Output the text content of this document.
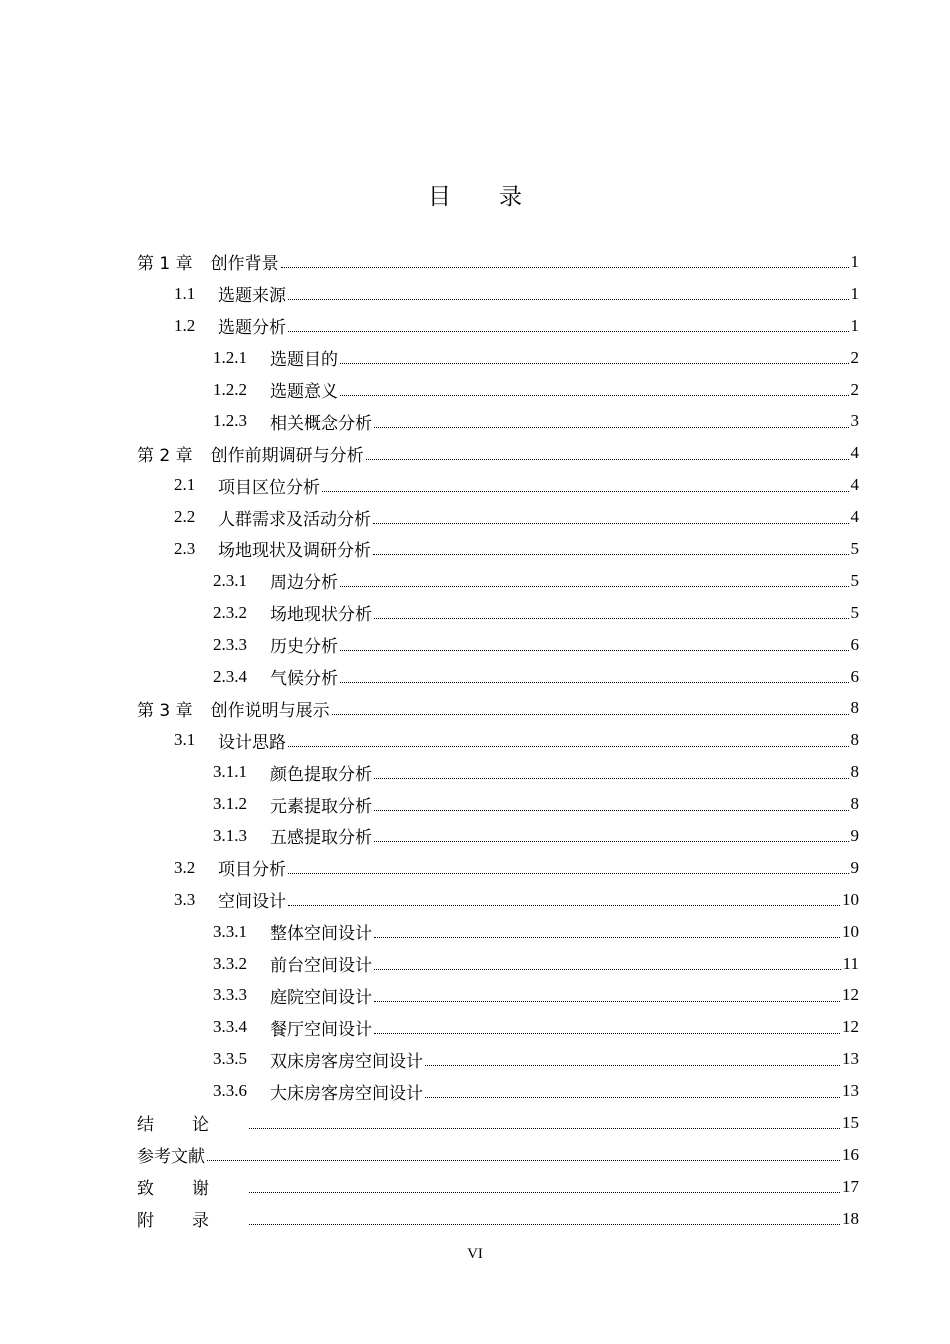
目 录
第 1 章 创作背景	1
1.1	选题来源	1
1.2	选题分析	1
1.2.1	选题目的	2
1.2.2	选题意义	2
1.2.3	相关概念分析	3
第 2 章 创作前期调研与分析	4
2.1	项目区位分析	4
2.2	人群需求及活动分析	4
2.3	场地现状及调研分析	5
2.3.1	周边分析	5
2.3.2	场地现状分析	5
2.3.3	历史分析	6
2.3.4	气候分析	6
第 3 章 创作说明与展示	8
3.1	设计思路	8
3.1.1	颜色提取分析	8
3.1.2	元素提取分析	8
3.1.3	五感提取分析	9
3.2	项目分析	9
3.3	空间设计	10
3.3.1	整体空间设计	10
3.3.2	前台空间设计	11
3.3.3	庭院空间设计	12
3.3.4	餐厅空间设计	12
3.3.5	双床房客房空间设计	13
3.3.6	大床房客房空间设计	13
结论	15
参考文献	16
致谢	17
附录	18
VI
